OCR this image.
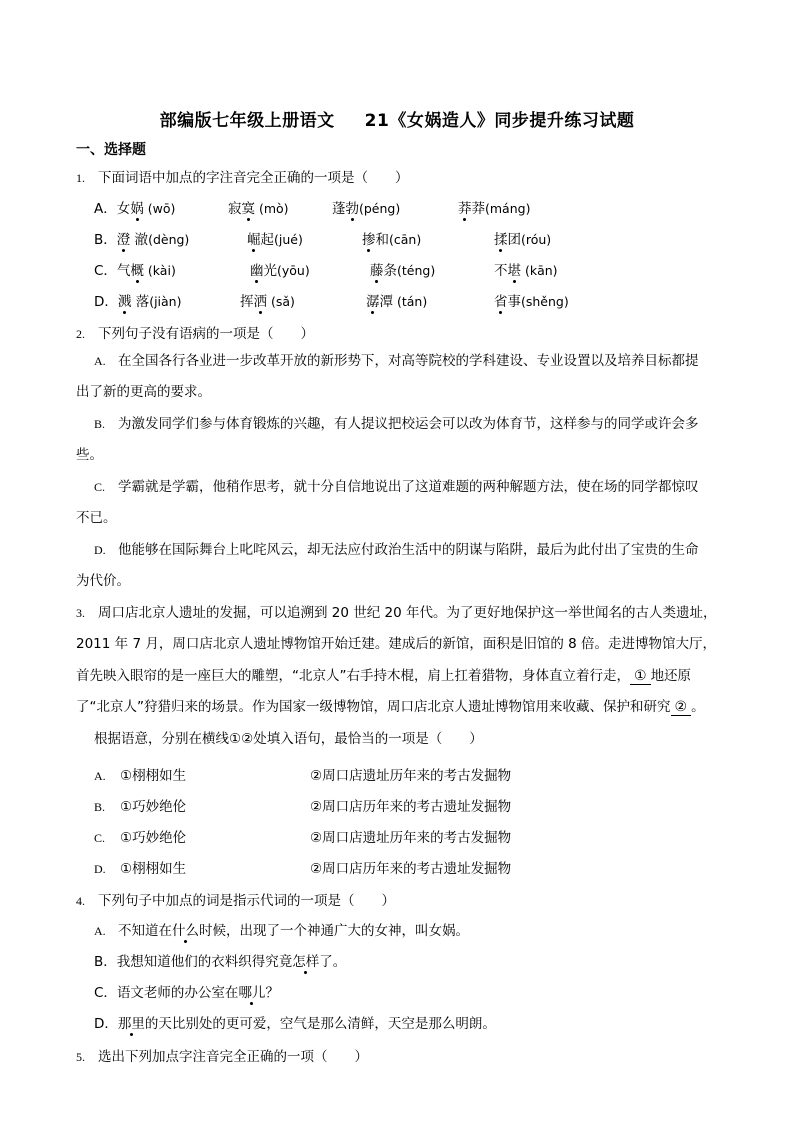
部编版七年级上册语文 21《女娲造人》同步提升练习试题
一、选择题
1. 下面词语中加点的字注音完全正确的一项是（　　）
A．女娲 (wō)	寂寞 (mò)	蓬勃(péng)	莽莽(máng)
B．澄 澈(dèng)	崛起(jué)	掺和(cān)	揉团(róu)
C．气概 (kài)	幽光(yōu)	藤条(téng)	不堪 (kān)
D．溅 落(jiàn)	挥洒 (sǎ)	潺潭 (tán)	省事(shěng)
2. 下列句子没有语病的一项是（　　）
A. 在全国各行各业进一步改革开放的新形势下，对高等院校的学科建设、专业设置以及培养目标都提
出了新的更高的要求。
B. 为激发同学们参与体育锻炼的兴趣，有人提议把校运会可以改为体育节，这样参与的同学或许会多
些。
C. 学霸就是学霸，他稍作思考，就十分自信地说出了这道难题的两种解题方法，使在场的同学都惊叹
不已。
D. 他能够在国际舞台上叱咤风云，却无法应付政治生活中的阴谋与陷阱，最后为此付出了宝贵的生命
为代价。
3. 周口店北京人遗址的发掘，可以追溯到 20 世纪 20 年代。为了更好地保护这一举世闻名的古人类遗址，
2011 年 7 月，周口店北京人遗址博物馆开始迁建。建成后的新馆，面积是旧馆的 8 倍。走进博物馆大厅，
首先映入眼帘的是一座巨大的雕塑，“北京人”右手持木棍，肩上扛着猎物，身体直立着行走， ① 地还原
了“北京人”狩猎归来的场景。作为国家一级博物馆，周口店北京人遗址博物馆用来收藏、保护和研究 ② 。
根据语意，分别在横线①②处填入语句，最恰当的一项是（　　）
A. ①栩栩如生	②周口店遗址历年来的考古发掘物
B. ①巧妙绝伦	②周口店历年来的考古遗址发掘物
C. ①巧妙绝伦	②周口店遗址历年来的考古发掘物
D. ①栩栩如生	②周口店历年来的考古遗址发掘物
4. 下列句子中加点的词是指示代词的一项是（　　）
A. 不知道在什么时候，出现了一个神通广大的女神，叫女娲。
B．我想知道他们的衣料织得究竟怎样了。
C．语文老师的办公室在哪儿？
D．那里的天比别处的更可爱，空气是那么清鲜，天空是那么明朗。
5. 选出下列加点字注音完全正确的一项（　　）
